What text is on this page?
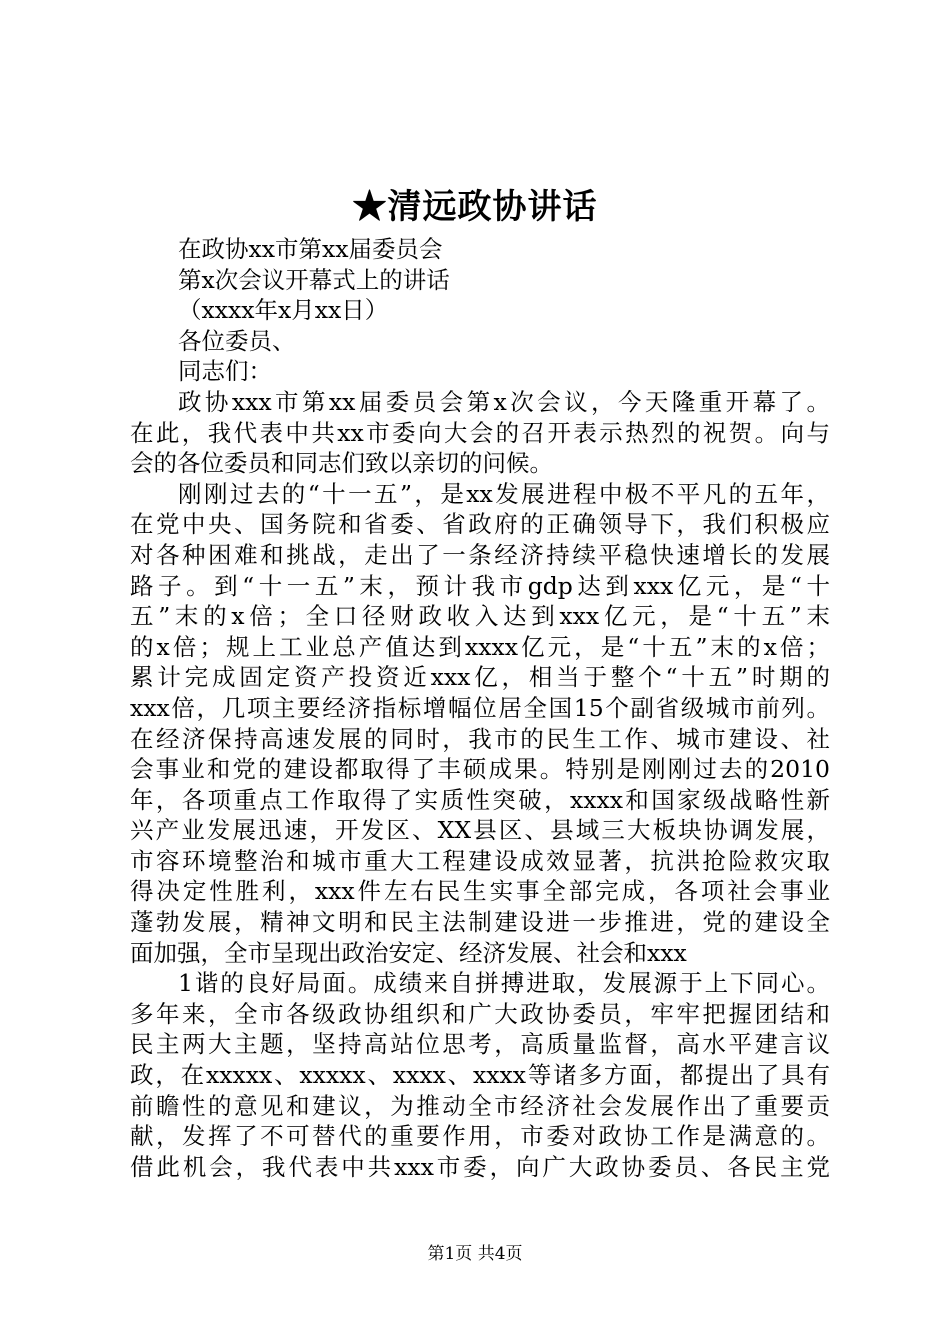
★清远政协讲话
在政协xx市第xx届委员会
第x次会议开幕式上的讲话
（xxxx年x月xx日）
各位委员、
同志们：
政协xxx市第xx届委员会第x次会议，今天隆重开幕了。
在此，我代表中共xx市委向大会的召开表示热烈的祝贺。向与
会的各位委员和同志们致以亲切的问候。
刚刚过去的“十一五”，是xx发展进程中极不平凡的五年，
在党中央、国务院和省委、省政府的正确领导下，我们积极应
对各种困难和挑战，走出了一条经济持续平稳快速增长的发展
路子。到“十一五”末，预计我市gdp达到xxx亿元，是“十
五”末的x倍；全口径财政收入达到xxx亿元，是“十五”末
的x倍；规上工业总产值达到xxxx亿元，是“十五”末的x倍；
累计完成固定资产投资近xxx亿，相当于整个“十五”时期的
xxx倍，几项主要经济指标增幅位居全国15个副省级城市前列。
在经济保持高速发展的同时，我市的民生工作、城市建设、社
会事业和党的建设都取得了丰硕成果。特别是刚刚过去的2010
年，各项重点工作取得了实质性突破，xxxx和国家级战略性新
兴产业发展迅速，开发区、XX县区、县域三大板块协调发展，
市容环境整治和城市重大工程建设成效显著，抗洪抢险救灾取
得决定性胜利，xxx件左右民生实事全部完成，各项社会事业
蓬勃发展，精神文明和民主法制建设进一步推进，党的建设全
面加强，全市呈现出政治安定、经济发展、社会和xxx
1谐的良好局面。成绩来自拼搏进取，发展源于上下同心。
多年来，全市各级政协组织和广大政协委员，牢牢把握团结和
民主两大主题，坚持高站位思考，高质量监督，高水平建言议
政，在xxxxx、xxxxx、xxxx、xxxx等诸多方面，都提出了具有
前瞻性的意见和建议，为推动全市经济社会发展作出了重要贡
献，发挥了不可替代的重要作用，市委对政协工作是满意的。
借此机会，我代表中共xxx市委，向广大政协委员、各民主党
第1页 共4页
